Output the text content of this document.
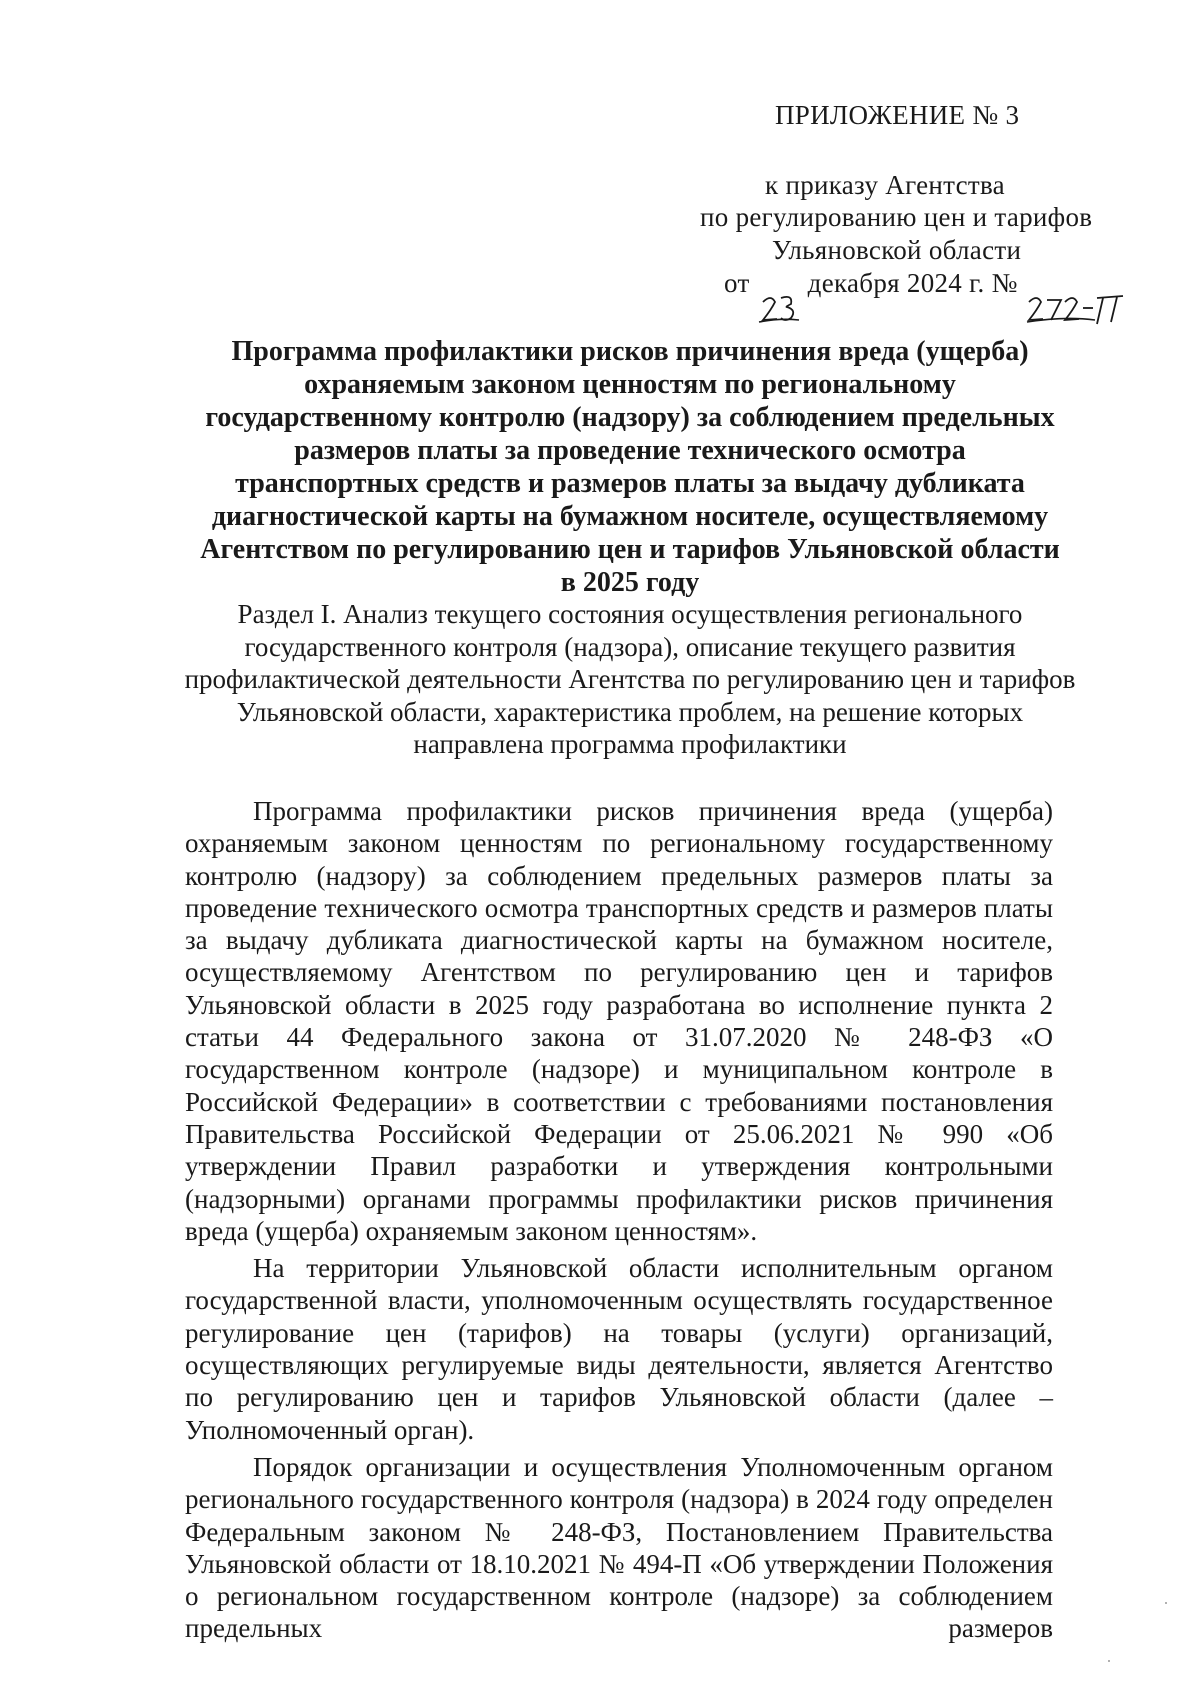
ПРИЛОЖЕНИЕ № 3
к приказу Агентства
по регулированию цен и тарифов
Ульяновской области
от декабря 2024 г. №
Программа профилактики рисков причинения вреда (ущерба) охраняемым законом ценностям по региональному государственному контролю (надзору) за соблюдением предельных размеров платы за проведение технического осмотра транспортных средств и размеров платы за выдачу дубликата диагностической карты на бумажном носителе, осуществляемому Агентством по регулированию цен и тарифов Ульяновской области в 2025 году
Раздел I. Анализ текущего состояния осуществления регионального государственного контроля (надзора), описание текущего развития профилактической деятельности Агентства по регулированию цен и тарифов Ульяновской области, характеристика проблем, на решение которых направлена программа профилактики

Программа профилактики рисков причинения вреда (ущерба) охраняемым законом ценностям по региональному государственному контролю (надзору) за соблюдением предельных размеров платы за проведение технического осмотра транспортных средств и размеров платы за выдачу дубликата диагностической карты на бумажном носителе, осуществляемому Агентством по регулированию цен и тарифов Ульяновской области в 2025 году разработана во исполнение пункта 2 статьи 44 Федерального закона от 31.07.2020 № 248-ФЗ «О государственном контроле (надзоре) и муниципальном контроле в Российской Федерации» в соответствии с требованиями постановления Правительства Российской Федерации от 25.06.2021 № 990 «Об утверждении Правил разработки и утверждения контрольными (надзорными) органами программы профилактики рисков причинения вреда (ущерба) охраняемым законом ценностям».

На территории Ульяновской области исполнительным органом государственной власти, уполномоченным осуществлять государственное регулирование цен (тарифов) на товары (услуги) организаций, осуществляющих регулируемые виды деятельности, является Агентство по регулированию цен и тарифов Ульяновской области (далее – Уполномоченный орган).

Порядок организации и осуществления Уполномоченным органом регионального государственного контроля (надзора) в 2024 году определен Федеральным законом № 248-ФЗ, Постановлением Правительства Ульяновской области от 18.10.2021 № 494-П «Об утверждении Положения о региональном государственном контроле (надзоре) за соблюдением предельных размеров
